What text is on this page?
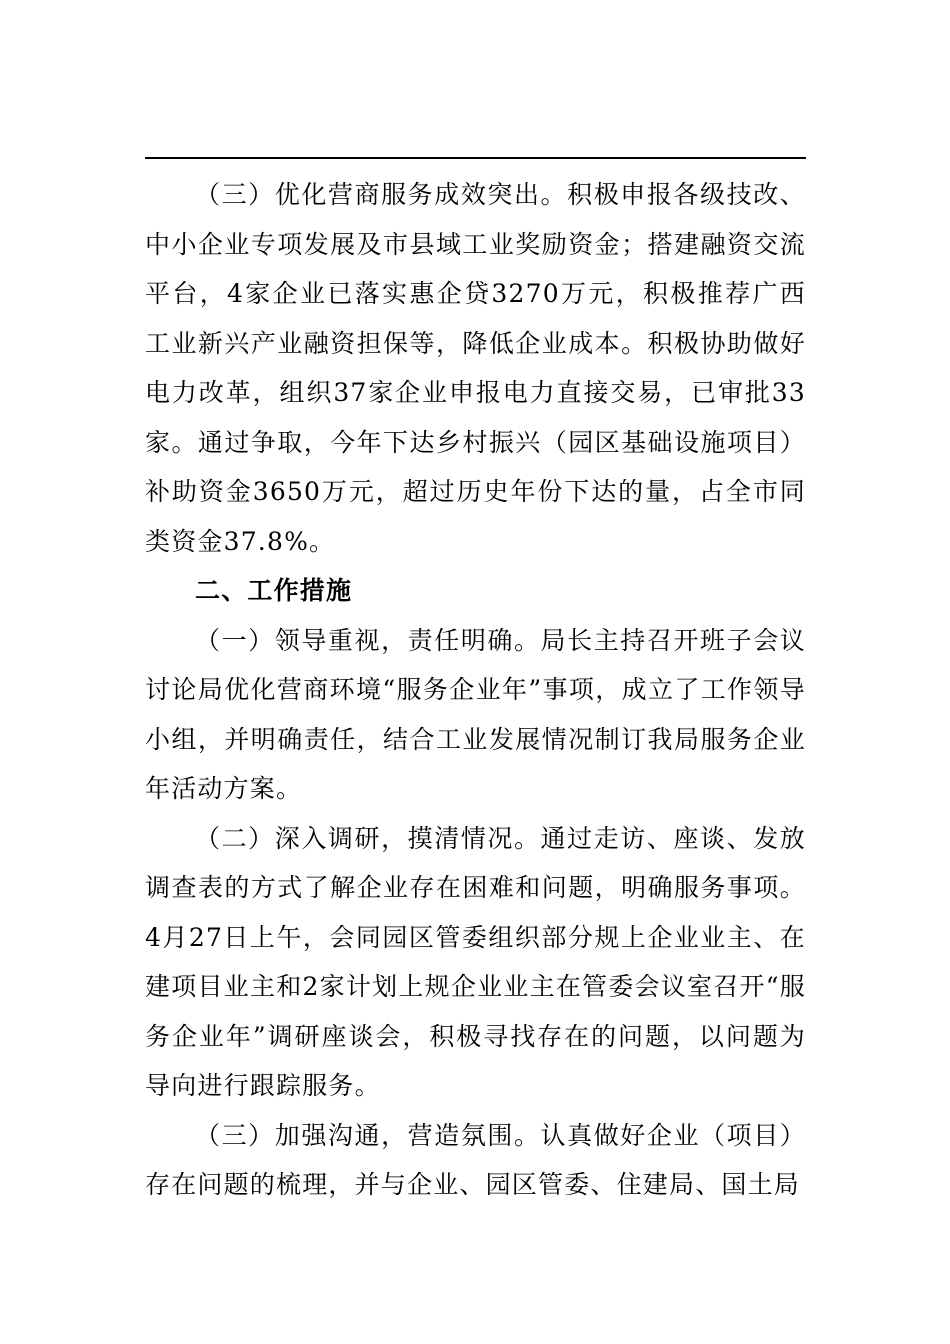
（三）优化营商服务成效突出。积极申报各级技改、中小企业专项发展及市县域工业奖励资金；搭建融资交流平台，4家企业已落实惠企贷3270万元，积极推荐广西工业新兴产业融资担保等，降低企业成本。积极协助做好电力改革，组织37家企业申报电力直接交易，已审批33家。通过争取，今年下达乡村振兴（园区基础设施项目）补助资金3650万元，超过历史年份下达的量，占全市同类资金37.8%。

二、工作措施

（一）领导重视，责任明确。局长主持召开班子会议讨论局优化营商环境“服务企业年”事项，成立了工作领导小组，并明确责任，结合工业发展情况制订我局服务企业年活动方案。

（二）深入调研，摸清情况。通过走访、座谈、发放调查表的方式了解企业存在困难和问题，明确服务事项。4月27日上午，会同园区管委组织部分规上企业业主、在建项目业主和2家计划上规企业业主在管委会议室召开“服务企业年”调研座谈会，积极寻找存在的问题，以问题为导向进行跟踪服务。

（三）加强沟通，营造氛围。认真做好企业（项目）存在问题的梳理，并与企业、园区管委、住建局、国土局
